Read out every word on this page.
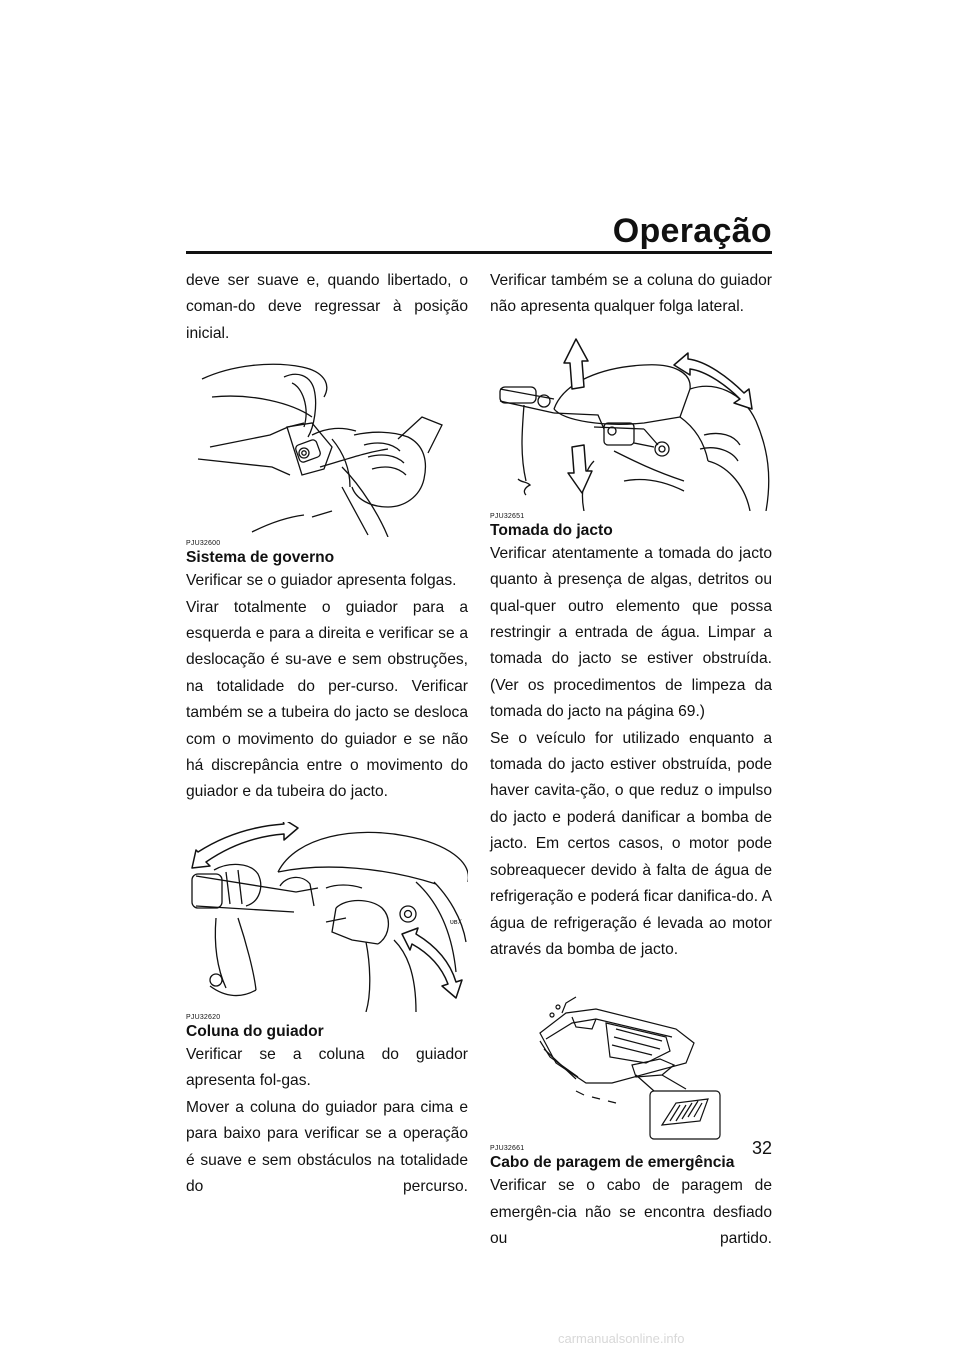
Operação

deve ser suave e, quando libertado, o coman-do deve regressar à posição inicial.

PJU32600

Sistema de governo

Verificar se o guiador apresenta folgas.

Virar totalmente o guiador para a esquerda e para a direita e verificar se a deslocação é su-ave e sem obstruções, na totalidade do per-curso. Verificar também se a tubeira do jacto se desloca com o movimento do guiador e se não há discrepância entre o movimento do guiador e da tubeira do jacto.

ᴜʙ ⁄

PJU32620

Coluna do guiador

Verificar se a coluna do guiador apresenta fol-gas.

Mover a coluna do guiador para cima e para baixo para verificar se a operação é suave e sem obstáculos na totalidade do percurso.

Verificar também se a coluna do guiador não apresenta qualquer folga lateral.

PJU32651

Tomada do jacto

Verificar atentamente a tomada do jacto quanto à presença de algas, detritos ou qual-quer outro elemento que possa restringir a entrada de água. Limpar a tomada do jacto se estiver obstruída. (Ver os procedimentos de limpeza da tomada do jacto na página 69.)

Se o veículo for utilizado enquanto a tomada do jacto estiver obstruída, pode haver cavita-ção, o que reduz o impulso do jacto e poderá danificar a bomba de jacto. Em certos casos, o motor pode sobreaquecer devido à falta de água de refrigeração e poderá ficar danifica-do. A água de refrigeração é levada ao motor através da bomba de jacto.

PJU32661

Cabo de paragem de emergência

Verificar se o cabo de paragem de emergên-cia não se encontra desfiado ou partido.

32
carmanualsonline.info
